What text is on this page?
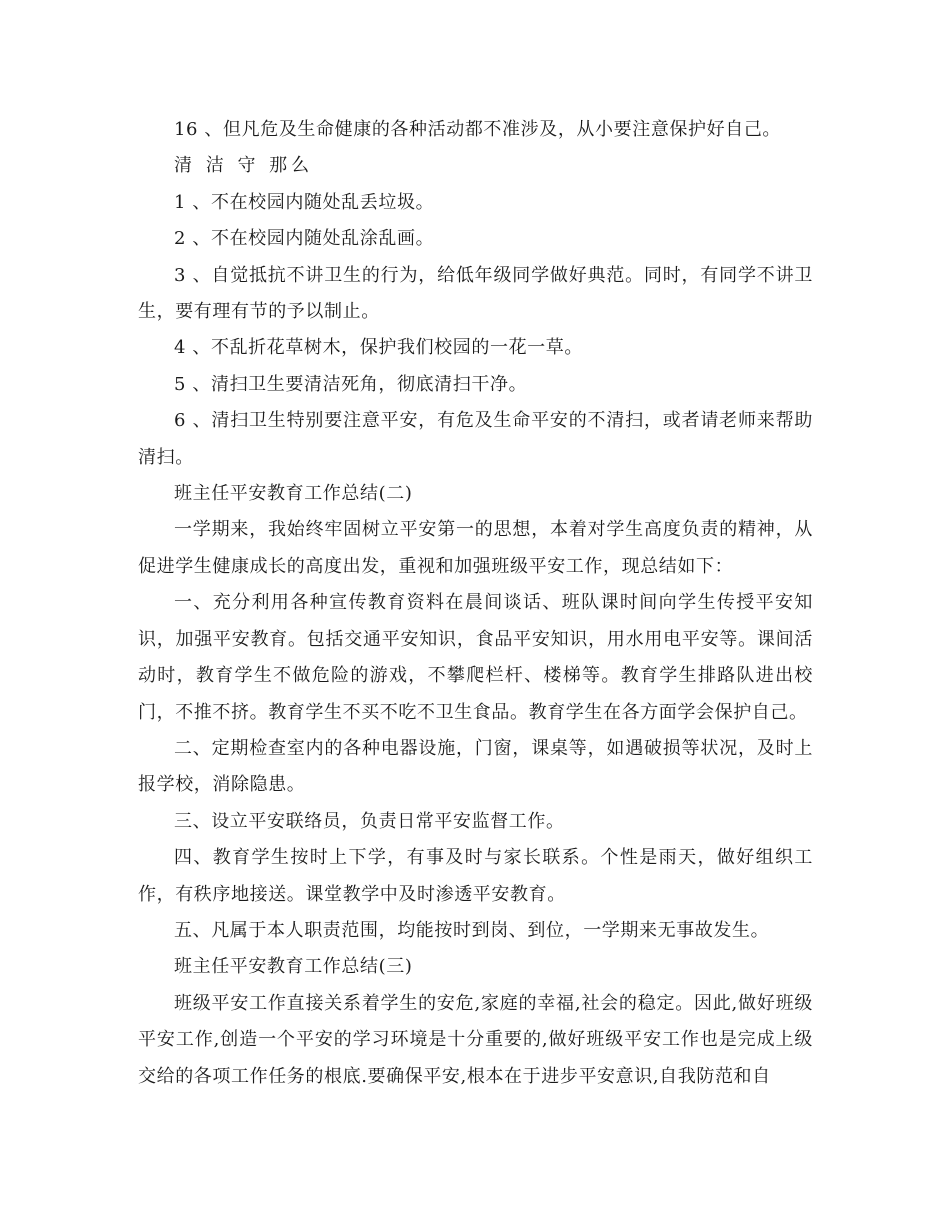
16 、但凡危及生命健康的各种活动都不准涉及，从小要注意保护好自己。

清 洁 守 那么

1 、不在校园内随处乱丢垃圾。

2 、不在校园内随处乱涂乱画。

3 、自觉抵抗不讲卫生的行为，给低年级同学做好典范。同时，有同学不讲卫生，要有理有节的予以制止。

4 、不乱折花草树木，保护我们校园的一花一草。

5 、清扫卫生要清洁死角，彻底清扫干净。

6 、清扫卫生特别要注意平安，有危及生命平安的不清扫，或者请老师来帮助清扫。

班主任平安教育工作总结(二)

一学期来，我始终牢固树立平安第一的思想，本着对学生高度负责的精神，从促进学生健康成长的高度出发，重视和加强班级平安工作，现总结如下：

一、充分利用各种宣传教育资料在晨间谈话、班队课时间向学生传授平安知识，加强平安教育。包括交通平安知识，食品平安知识，用水用电平安等。课间活动时，教育学生不做危险的游戏，不攀爬栏杆、楼梯等。教育学生排路队进出校门，不推不挤。教育学生不买不吃不卫生食品。教育学生在各方面学会保护自己。

二、定期检查室内的各种电器设施，门窗，课桌等，如遇破损等状况，及时上报学校，消除隐患。

三、设立平安联络员，负责日常平安监督工作。

四、教育学生按时上下学，有事及时与家长联系。个性是雨天，做好组织工作，有秩序地接送。课堂教学中及时渗透平安教育。

五、凡属于本人职责范围，均能按时到岗、到位，一学期来无事故发生。

班主任平安教育工作总结(三)

班级平安工作直接关系着学生的安危,家庭的幸福,社会的稳定。因此,做好班级平安工作,创造一个平安的学习环境是十分重要的,做好班级平安工作也是完成上级交给的各项工作任务的根底.要确保平安,根本在于进步平安意识,自我防范和自
